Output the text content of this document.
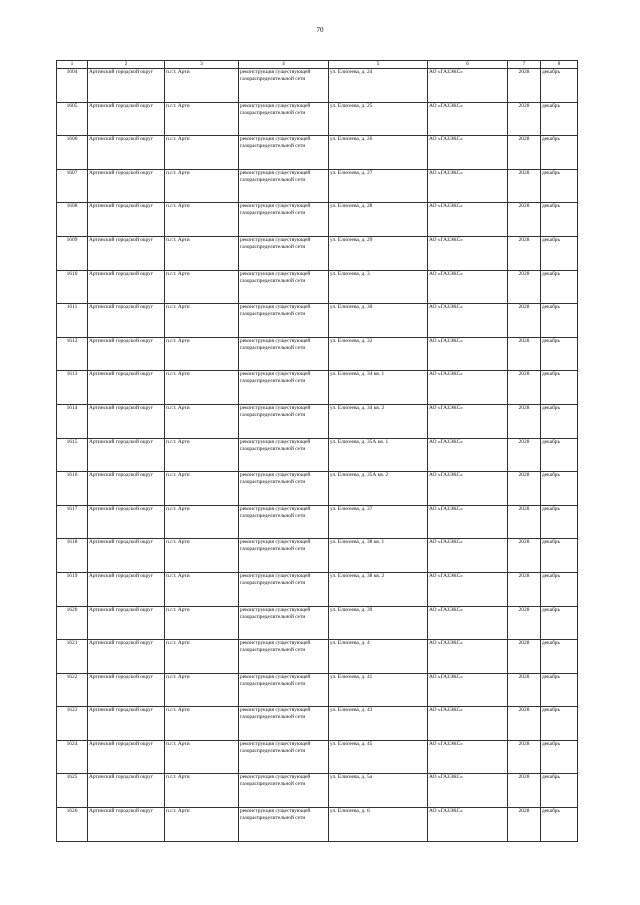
70
1	2	3	4	5	6	7	8
1604	Артинский городской округ	п.г.т. Арти	реконструкция существующей газораспределительной сети	ул. Елисеева, д. 24	АО «ГАЗЭКС»	2028	декабрь
1605	Артинский городской округ	п.г.т. Арти	реконструкция существующей газораспределительной сети	ул. Елисеева, д. 25	АО «ГАЗЭКС»	2028	декабрь
1606	Артинский городской округ	п.г.т. Арти	реконструкция существующей газораспределительной сети	ул. Елисеева, д. 26	АО «ГАЗЭКС»	2028	декабрь
1607	Артинский городской округ	п.г.т. Арти	реконструкция существующей газораспределительной сети	ул. Елисеева, д. 27	АО «ГАЗЭКС»	2028	декабрь
1608	Артинский городской округ	п.г.т. Арти	реконструкция существующей газораспределительной сети	ул. Елисеева, д. 28	АО «ГАЗЭКС»	2028	декабрь
1609	Артинский городской округ	п.г.т. Арти	реконструкция существующей газораспределительной сети	ул. Елисеева, д. 29	АО «ГАЗЭКС»	2028	декабрь
1610	Артинский городской округ	п.г.т. Арти	реконструкция существующей газораспределительной сети	ул. Елисеева, д. 3	АО «ГАЗЭКС»	2028	декабрь
1611	Артинский городской округ	п.г.т. Арти	реконструкция существующей газораспределительной сети	ул. Елисеева, д. 30	АО «ГАЗЭКС»	2028	декабрь
1612	Артинский городской округ	п.г.т. Арти	реконструкция существующей газораспределительной сети	ул. Елисеева, д. 32	АО «ГАЗЭКС»	2028	декабрь
1613	Артинский городской округ	п.г.т. Арти	реконструкция существующей газораспределительной сети	ул. Елисеева, д. 34 кв. 1	АО «ГАЗЭКС»	2028	декабрь
1614	Артинский городской округ	п.г.т. Арти	реконструкция существующей газораспределительной сети	ул. Елисеева, д. 34 кв. 2	АО «ГАЗЭКС»	2028	декабрь
1615	Артинский городской округ	п.г.т. Арти	реконструкция существующей газораспределительной сети	ул. Елисеева, д. 35А кв. 1	АО «ГАЗЭКС»	2028	декабрь
1616	Артинский городской округ	п.г.т. Арти	реконструкция существующей газораспределительной сети	ул. Елисеева, д. 35А кв. 2	АО «ГАЗЭКС»	2028	декабрь
1617	Артинский городской округ	п.г.т. Арти	реконструкция существующей газораспределительной сети	ул. Елисеева, д. 37	АО «ГАЗЭКС»	2028	декабрь
1618	Артинский городской округ	п.г.т. Арти	реконструкция существующей газораспределительной сети	ул. Елисеева, д. 38 кв. 1	АО «ГАЗЭКС»	2028	декабрь
1619	Артинский городской округ	п.г.т. Арти	реконструкция существующей газораспределительной сети	ул. Елисеева, д. 38 кв. 2	АО «ГАЗЭКС»	2028	декабрь
1620	Артинский городской округ	п.г.т. Арти	реконструкция существующей газораспределительной сети	ул. Елисеева, д. 39	АО «ГАЗЭКС»	2028	декабрь
1621	Артинский городской округ	п.г.т. Арти	реконструкция существующей газораспределительной сети	ул. Елисеева, д. 4	АО «ГАЗЭКС»	2028	декабрь
1622	Артинский городской округ	п.г.т. Арти	реконструкция существующей газораспределительной сети	ул. Елисеева, д. 41	АО «ГАЗЭКС»	2028	декабрь
1623	Артинский городской округ	п.г.т. Арти	реконструкция существующей газораспределительной сети	ул. Елисеева, д. 43	АО «ГАЗЭКС»	2028	декабрь
1624	Артинский городской округ	п.г.т. Арти	реконструкция существующей газораспределительной сети	ул. Елисеева, д. 45	АО «ГАЗЭКС»	2028	декабрь
1625	Артинский городской округ	п.г.т. Арти	реконструкция существующей газораспределительной сети	ул. Елисеева, д. 5а	АО «ГАЗЭКС»	2028	декабрь
1626	Артинский городской округ	п.г.т. Арти	реконструкция существующей газораспределительной сети	ул. Елисеева, д. 6	АО «ГАЗЭКС»	2028	декабрь
